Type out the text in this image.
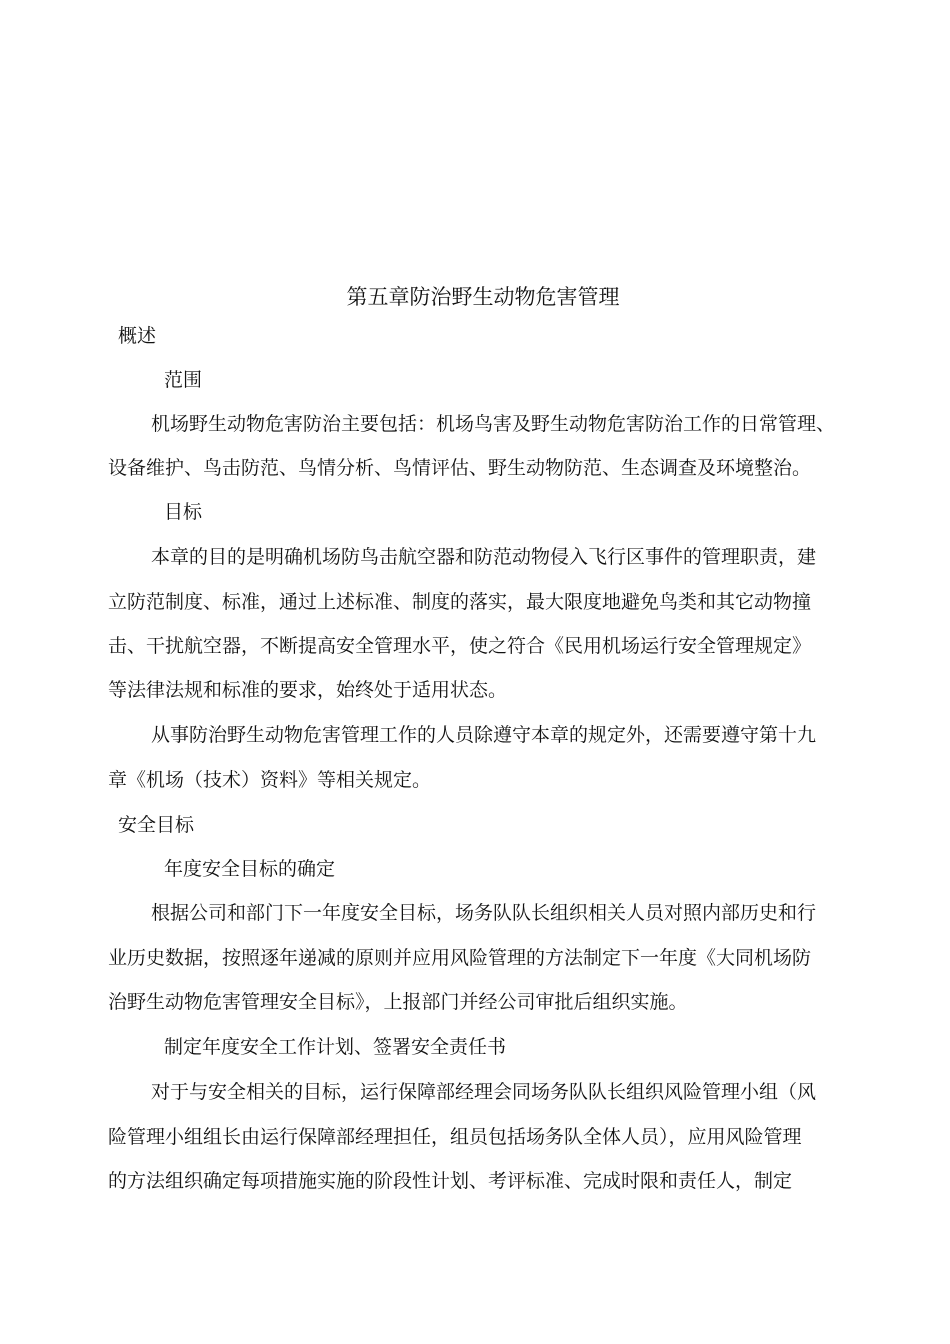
第五章防治野生动物危害管理
概述
范围
机场野生动物危害防治主要包括：机场鸟害及野生动物危害防治工作的日常管理、
设备维护、鸟击防范、鸟情分析、鸟情评估、野生动物防范、生态调查及环境整治。
目标
本章的目的是明确机场防鸟击航空器和防范动物侵入飞行区事件的管理职责，建
立防范制度、标准，通过上述标准、制度的落实，最大限度地避免鸟类和其它动物撞
击、干扰航空器，不断提高安全管理水平，使之符合《民用机场运行安全管理规定》
等法律法规和标准的要求，始终处于适用状态。
从事防治野生动物危害管理工作的人员除遵守本章的规定外，还需要遵守第十九
章《机场（技术）资料》等相关规定。
安全目标
年度安全目标的确定
根据公司和部门下一年度安全目标，场务队队长组织相关人员对照内部历史和行
业历史数据，按照逐年递减的原则并应用风险管理的方法制定下一年度《大同机场防
治野生动物危害管理安全目标》，上报部门并经公司审批后组织实施。
制定年度安全工作计划、签署安全责任书
对于与安全相关的目标，运行保障部经理会同场务队队长组织风险管理小组（风
险管理小组组长由运行保障部经理担任，组员包括场务队全体人员），应用风险管理
的方法组织确定每项措施实施的阶段性计划、考评标准、完成时限和责任人，制定
